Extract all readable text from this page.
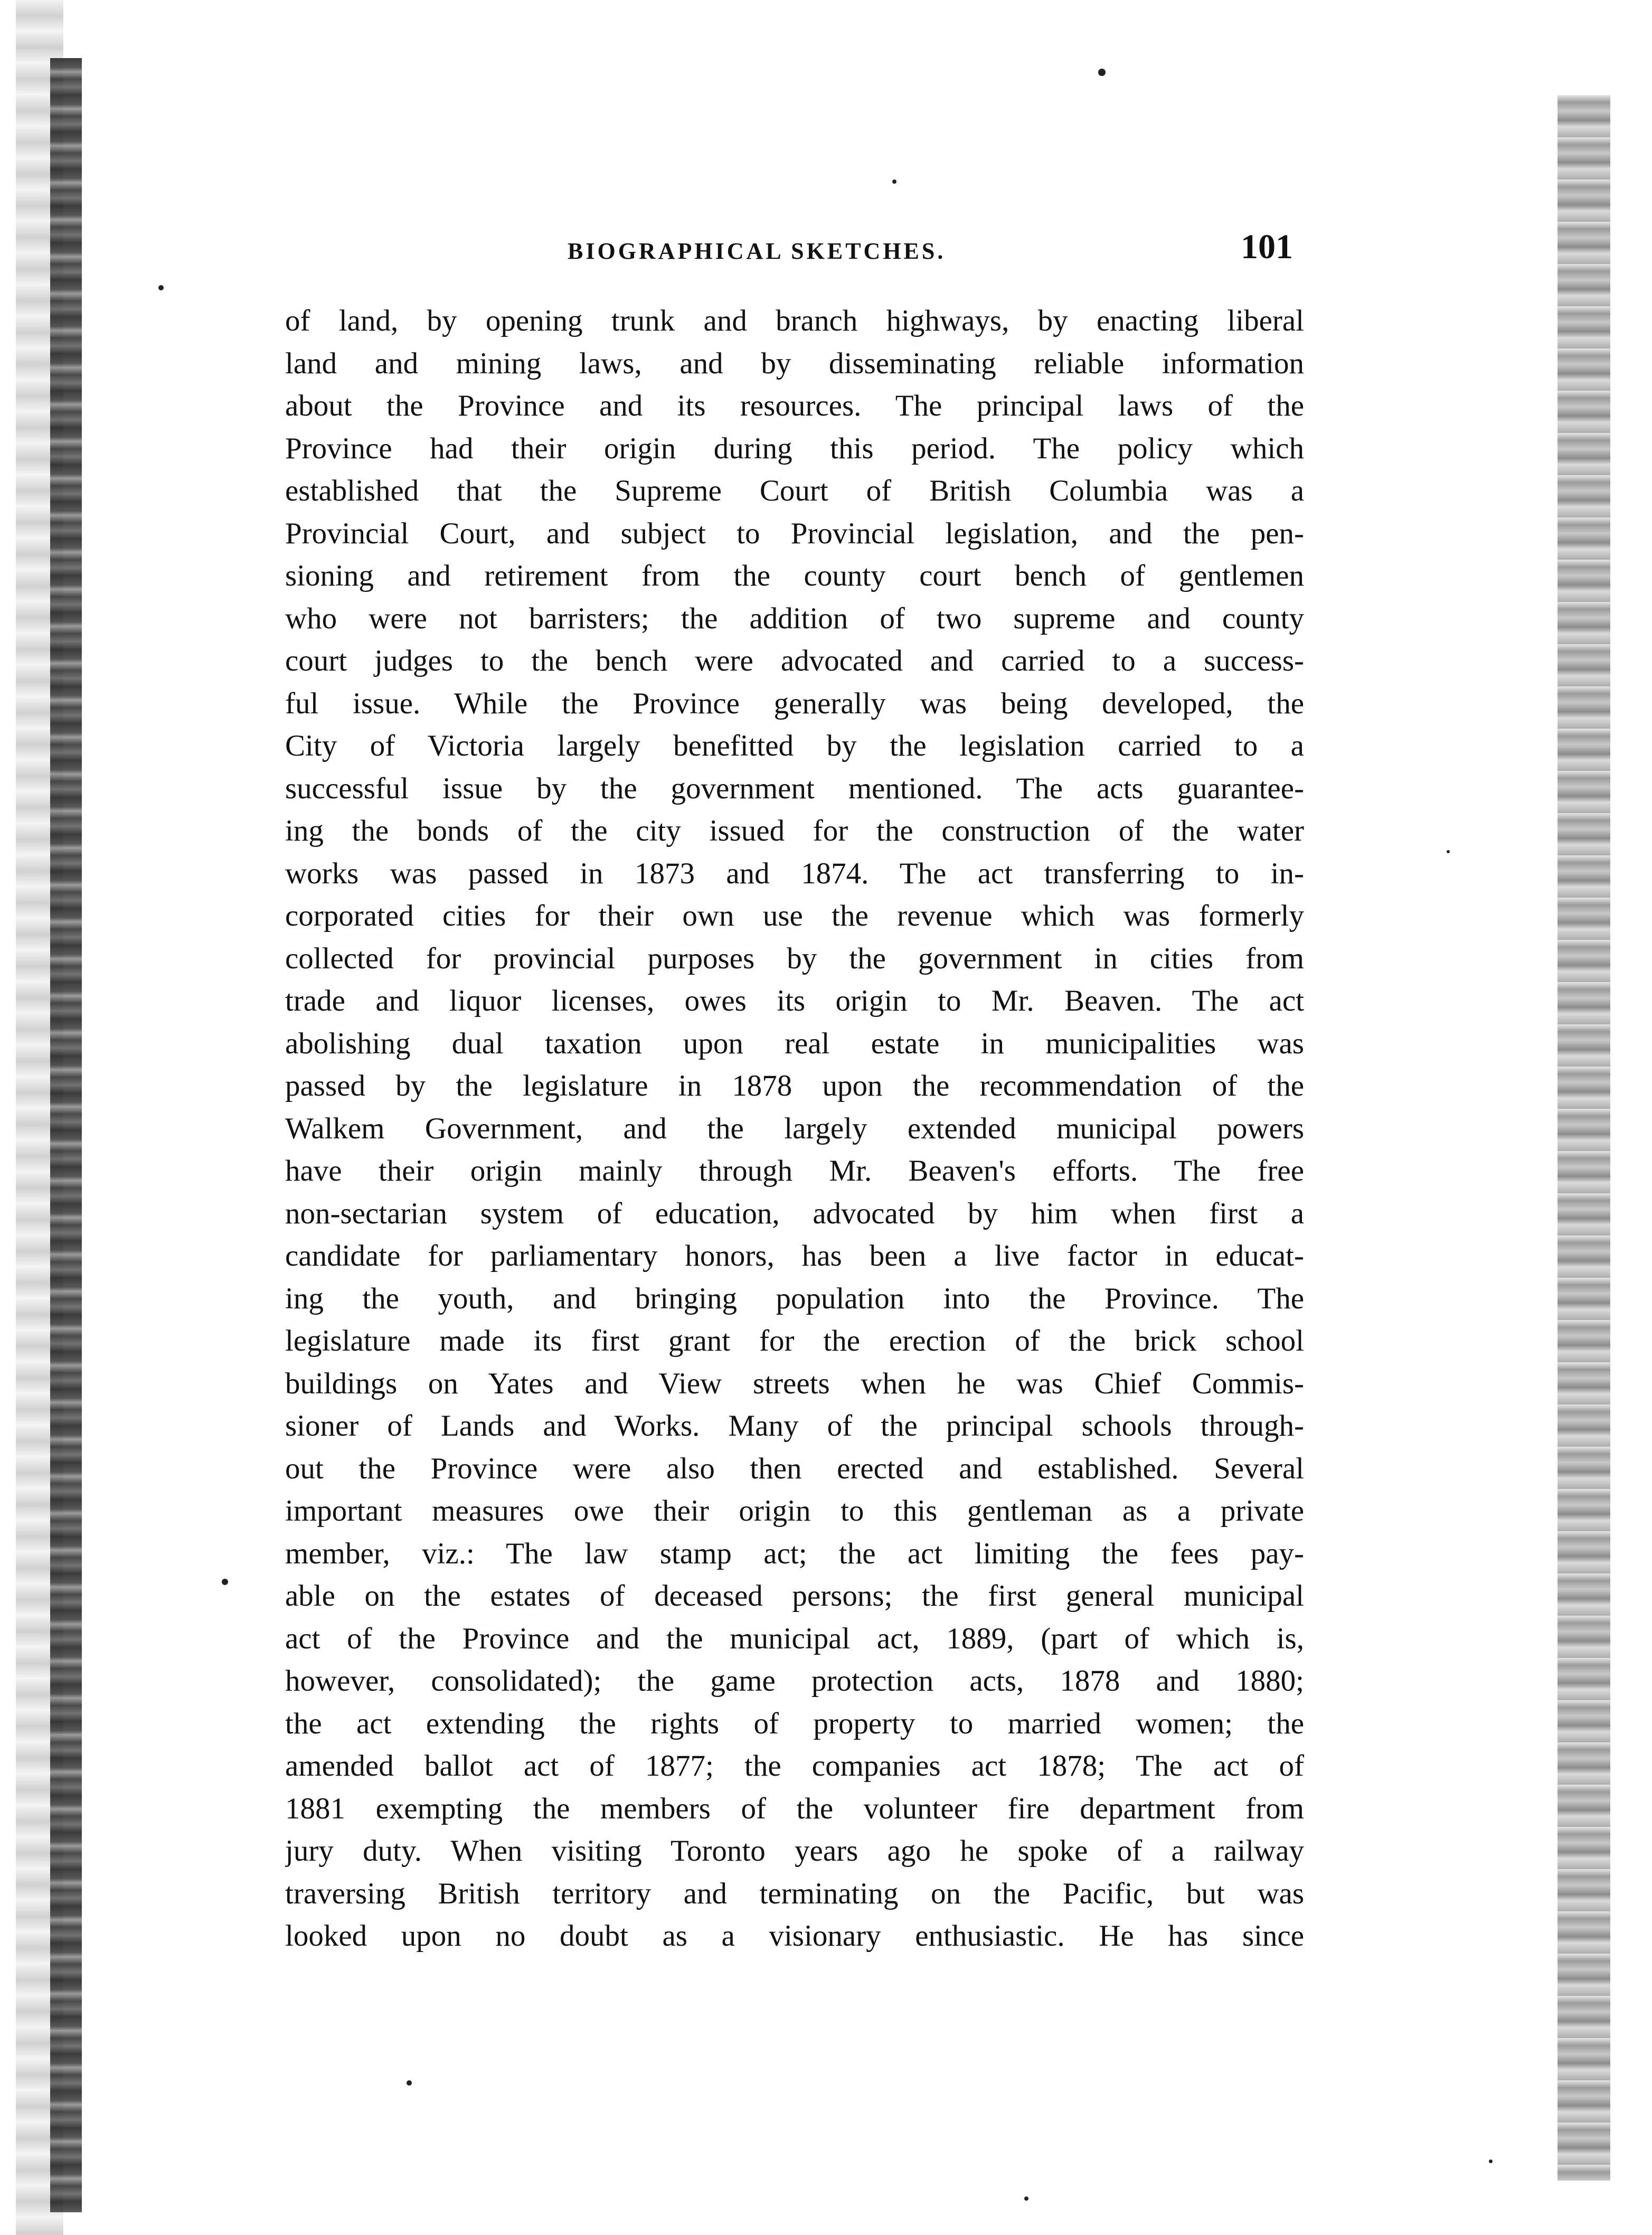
BIOGRAPHICAL SKETCHES.	101
of land, by opening trunk and branch highways, by enacting liberal
land and mining laws, and by disseminating reliable information
about the Province and its resources. The principal laws of the
Province had their origin during this period. The policy which
established that the Supreme Court of British Columbia was a
Provincial Court, and subject to Provincial legislation, and the pen-
sioning and retirement from the county court bench of gentlemen
who were not barristers; the addition of two supreme and county
court judges to the bench were advocated and carried to a success-
ful issue. While the Province generally was being developed, the
City of Victoria largely benefitted by the legislation carried to a
successful issue by the government mentioned. The acts guarantee-
ing the bonds of the city issued for the construction of the water
works was passed in 1873 and 1874. The act transferring to in-
corporated cities for their own use the revenue which was formerly
collected for provincial purposes by the government in cities from
trade and liquor licenses, owes its origin to Mr. Beaven. The act
abolishing dual taxation upon real estate in municipalities was
passed by the legislature in 1878 upon the recommendation of the
Walkem Government, and the largely extended municipal powers
have their origin mainly through Mr. Beaven's efforts. The free
non-sectarian system of education, advocated by him when first a
candidate for parliamentary honors, has been a live factor in educat-
ing the youth, and bringing population into the Province. The
legislature made its first grant for the erection of the brick school
buildings on Yates and View streets when he was Chief Commis-
sioner of Lands and Works. Many of the principal schools through-
out the Province were also then erected and established. Several
important measures owe their origin to this gentleman as a private
member, viz.: The law stamp act; the act limiting the fees pay-
able on the estates of deceased persons; the first general municipal
act of the Province and the municipal act, 1889, (part of which is,
however, consolidated); the game protection acts, 1878 and 1880;
the act extending the rights of property to married women; the
amended ballot act of 1877; the companies act 1878; The act of
1881 exempting the members of the volunteer fire department from
jury duty. When visiting Toronto years ago he spoke of a railway
traversing British territory and terminating on the Pacific, but was
looked upon no doubt as a visionary enthusiastic. He has since
